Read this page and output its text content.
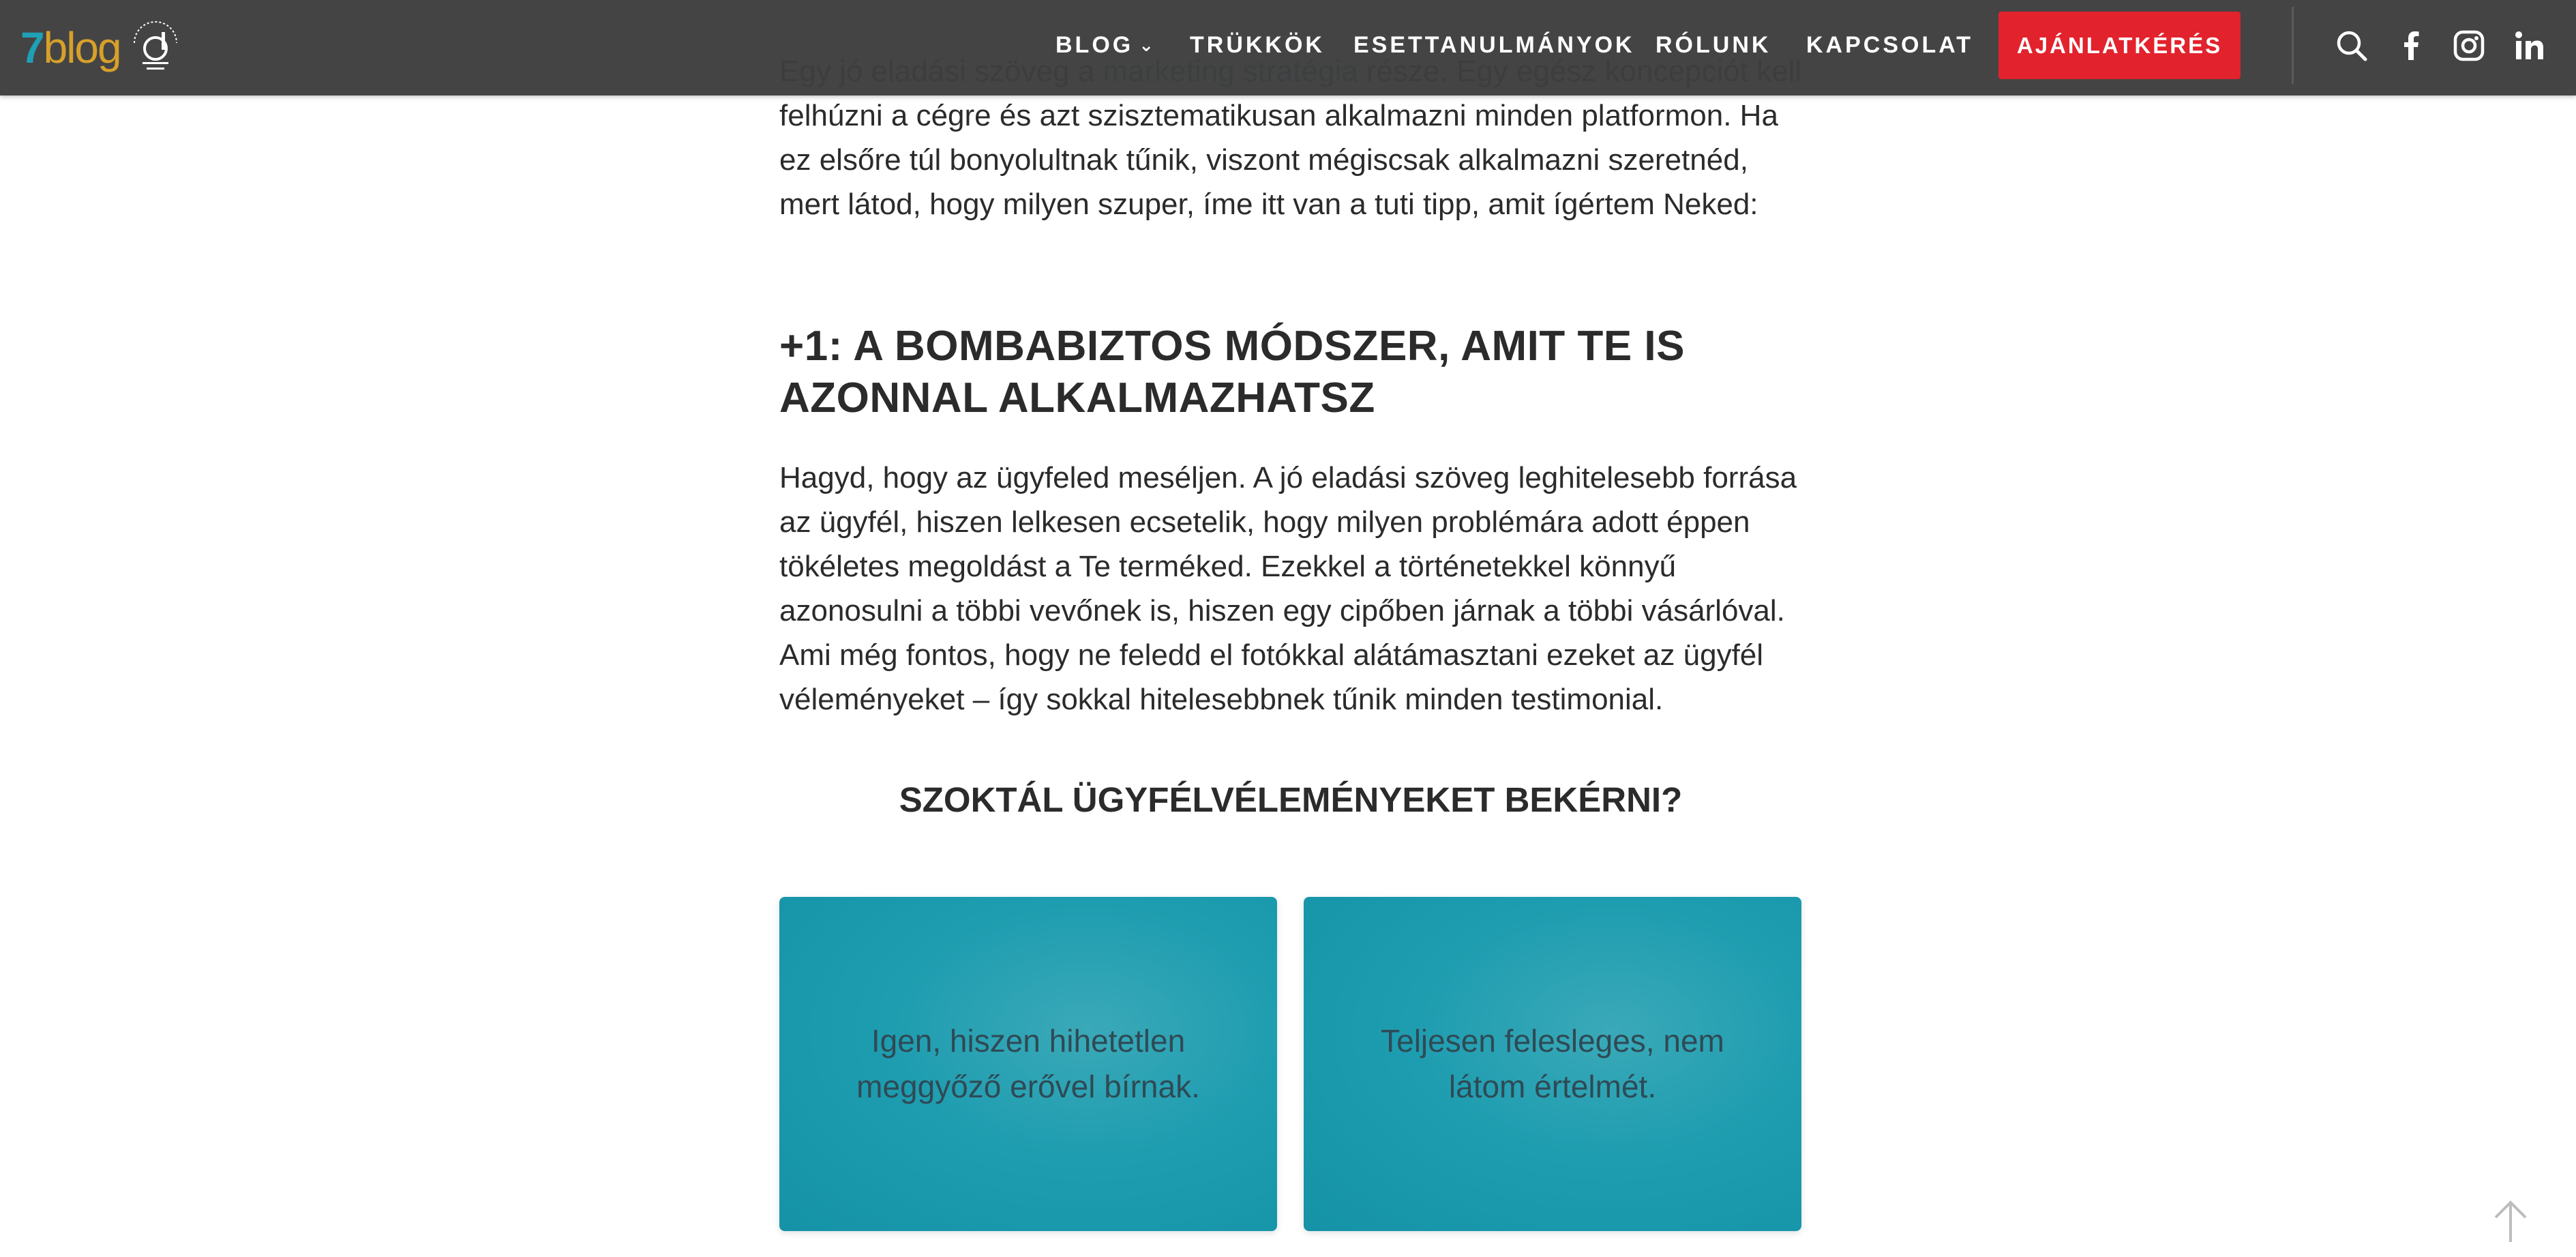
felhúzni a cégre és azt szisztematikusan alkalmazni minden platformon. Ha ez elsőre túl bonyolultnak tűnik, viszont mégiscsak alkalmazni szeretnéd, mert látod, hogy milyen szuper, íme itt van a tuti tipp, amit ígértem Neked:

+1: A BOMBABIZTOS MÓDSZER, AMIT TE IS AZONNAL ALKALMAZHATSZ

Hagyd, hogy az ügyfeled meséljen. A jó eladási szöveg leghitelesebb forrása az ügyfél, hiszen lelkesen ecsetelik, hogy milyen problémára adott éppen tökéletes megoldást a Te terméked. Ezekkel a történetekkel könnyű azonosulni a többi vevőnek is, hiszen egy cipőben járnak a többi vásárlóval. Ami még fontos, hogy ne feledd el fotókkal alátámasztani ezeket az ügyfél véleményeket – így sokkal hitelesebbnek tűnik minden testimonial.

SZOKTÁL ÜGYFÉLVÉLEMÉNYEKET BEKÉRNI?
Igen, hiszen hihetetlen meggyőző erővel bírnak.
Teljesen felesleges, nem látom értelmét.
7blog	BLOG ⌄ TRÜKKÖK ESETTANULMÁNYOK RÓLUNK KAPCSOLAT	AJÁNLATKÉRÉS
